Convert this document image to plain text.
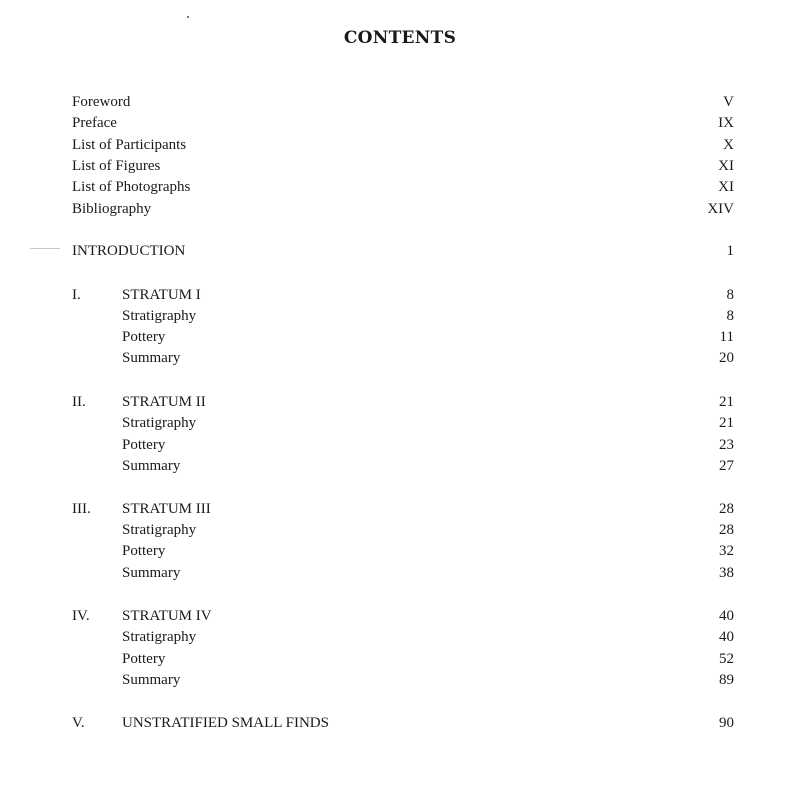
CONTENTS
Foreword	V
Preface	IX
List of Participants	X
List of Figures	XI
List of Photographs	XI
Bibliography	XIV
INTRODUCTION	1
I.	STRATUM I	8
Stratigraphy	8
Pottery	11
Summary	20
II. STRATUM II	21
Stratigraphy	21
Pottery	23
Summary	27
III. STRATUM III	28
Stratigraphy	28
Pottery	32
Summary	38
IV. STRATUM IV	40
Stratigraphy	40
Pottery	52
Summary	89
V. UNSTRATIFIED SMALL FINDS	90
